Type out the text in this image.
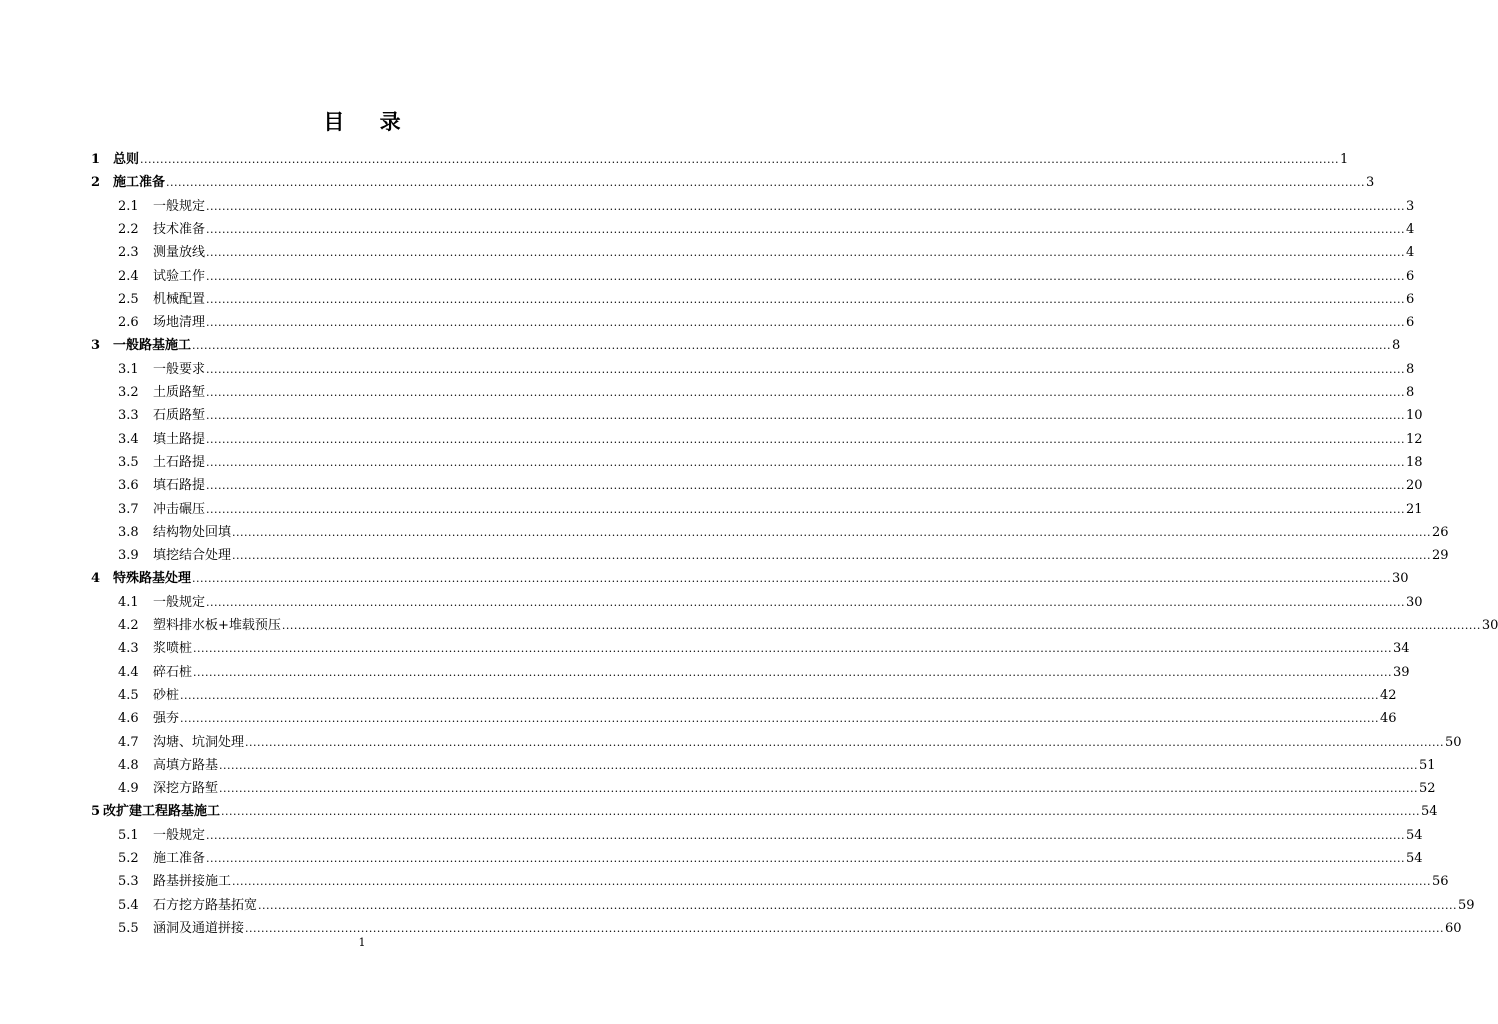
目 录
1 总则 ............................................................................................................................................................................................................................................................................................................ 1
2 施工准备 ............................................................................................................................................................................................................................................................................................................ 3
2.1	一般规定 ............................................................................................................................................................................................................................................................................................................ 3
2.2	技术准备 ............................................................................................................................................................................................................................................................................................................ 4
2.3	测量放线 ............................................................................................................................................................................................................................................................................................................ 4
2.4	试验工作 ............................................................................................................................................................................................................................................................................................................ 6
2.5	机械配置 ............................................................................................................................................................................................................................................................................................................ 6
2.6	场地清理 ............................................................................................................................................................................................................................................................................................................ 6
3 一般路基施工 ............................................................................................................................................................................................................................................................................................................ 8
3.1	一般要求 ............................................................................................................................................................................................................................................................................................................ 8
3.2	土质路堑 ............................................................................................................................................................................................................................................................................................................ 8
3.3	石质路堑 ............................................................................................................................................................................................................................................................................................................ 10
3.4	填土路提 ............................................................................................................................................................................................................................................................................................................ 12
3.5	土石路提 ............................................................................................................................................................................................................................................................................................................ 18
3.6	填石路提 ............................................................................................................................................................................................................................................................................................................ 20
3.7	冲击碾压 ............................................................................................................................................................................................................................................................................................................ 21
3.8	结构物处回填 ............................................................................................................................................................................................................................................................................................................ 26
3.9	填挖结合处理 ............................................................................................................................................................................................................................................................................................................ 29
4 特殊路基处理 ............................................................................................................................................................................................................................................................................................................ 30
4.1	一般规定 ............................................................................................................................................................................................................................................................................................................ 30
4.2	塑料排水板+堆载预压 ............................................................................................................................................................................................................................................................................................................ 30
4.3	浆喷桩 ............................................................................................................................................................................................................................................................................................................ 34
4.4	碎石桩 ............................................................................................................................................................................................................................................................................................................ 39
4.5	砂桩 ............................................................................................................................................................................................................................................................................................................ 42
4.6	强夯 ............................................................................................................................................................................................................................................................................................................ 46
4.7	沟塘、坑洞处理 ............................................................................................................................................................................................................................................................................................................ 50
4.8	高填方路基 ............................................................................................................................................................................................................................................................................................................ 51
4.9	深挖方路堑 ............................................................................................................................................................................................................................................................................................................ 52
5 改扩建工程路基施工 ............................................................................................................................................................................................................................................................................................................ 54
5.1	一般规定 ............................................................................................................................................................................................................................................................................................................ 54
5.2	施工准备 ............................................................................................................................................................................................................................................................................................................ 54
5.3	路基拼接施工 ............................................................................................................................................................................................................................................................................................................ 56
5.4	石方挖方路基拓宽 ............................................................................................................................................................................................................................................................................................................ 59
5.5	涵洞及通道拼接 ............................................................................................................................................................................................................................................................................................................ 60
1
